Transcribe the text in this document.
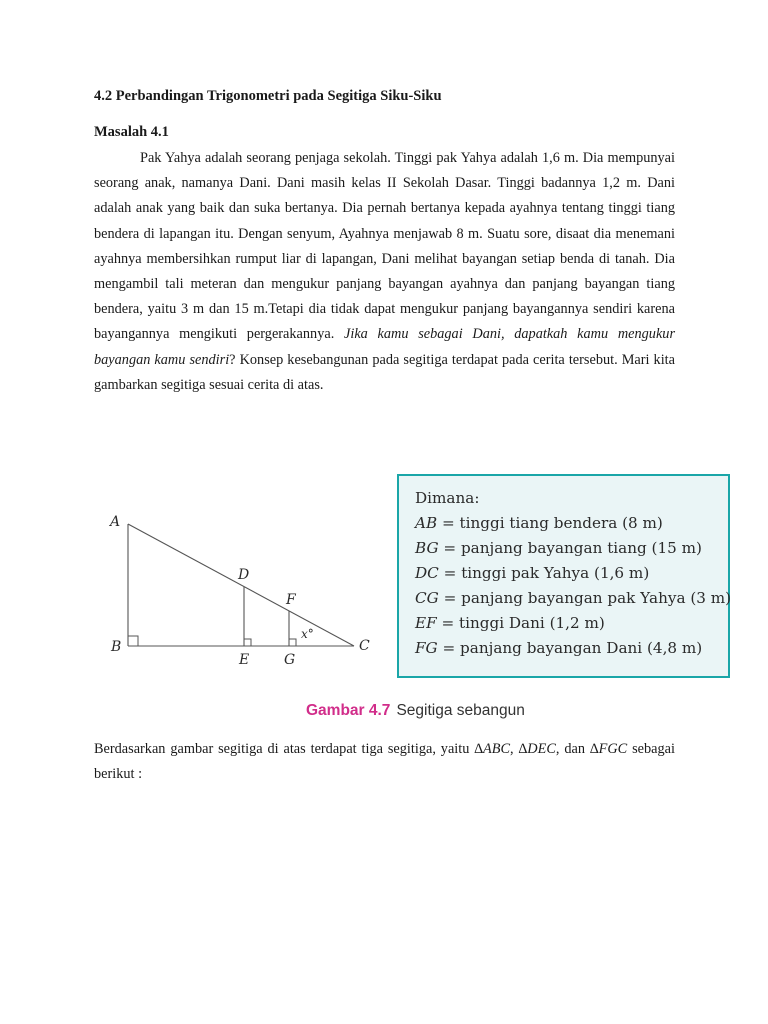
4.2 Perbandingan Trigonometri pada Segitiga Siku-Siku
Masalah 4.1

Pak Yahya adalah seorang penjaga sekolah. Tinggi pak Yahya adalah 1,6 m. Dia mempunyai seorang anak, namanya Dani. Dani masih kelas II Sekolah Dasar. Tinggi badannya 1,2 m. Dani adalah anak yang baik dan suka bertanya. Dia pernah bertanya kepada ayahnya tentang tinggi tiang bendera di lapangan itu. Dengan senyum, Ayahnya menjawab 8 m. Suatu sore, disaat dia menemani ayahnya membersihkan rumput liar di lapangan, Dani melihat bayangan setiap benda di tanah. Dia mengambil tali meteran dan mengukur panjang bayangan ayahnya dan panjang bayangan tiang bendera, yaitu 3 m dan 15 m.Tetapi dia tidak dapat mengukur panjang bayangannya sendiri karena bayangannya mengikuti pergerakannya. Jika kamu sebagai Dani, dapatkah kamu mengukur bayangan kamu sendiri? Konsep kesebangunan pada segitiga terdapat pada cerita tersebut. Mari kita gambarkan segitiga sesuai cerita di atas.

A
B	C
D
E
F
G
x°
Dimana:
AB = tinggi tiang bendera (8 m)
BG = panjang bayangan tiang (15 m)
DC = tinggi pak Yahya (1,6 m)
CG = panjang bayangan pak Yahya (3 m)
EF = tinggi Dani (1,2 m)
FG = panjang bayangan Dani (4,8 m)
Gambar 4.7 Segitiga sebangun

Berdasarkan gambar segitiga di atas terdapat tiga segitiga, yaitu ∆ABC, ∆DEC, dan ∆FGC sebagai berikut :
